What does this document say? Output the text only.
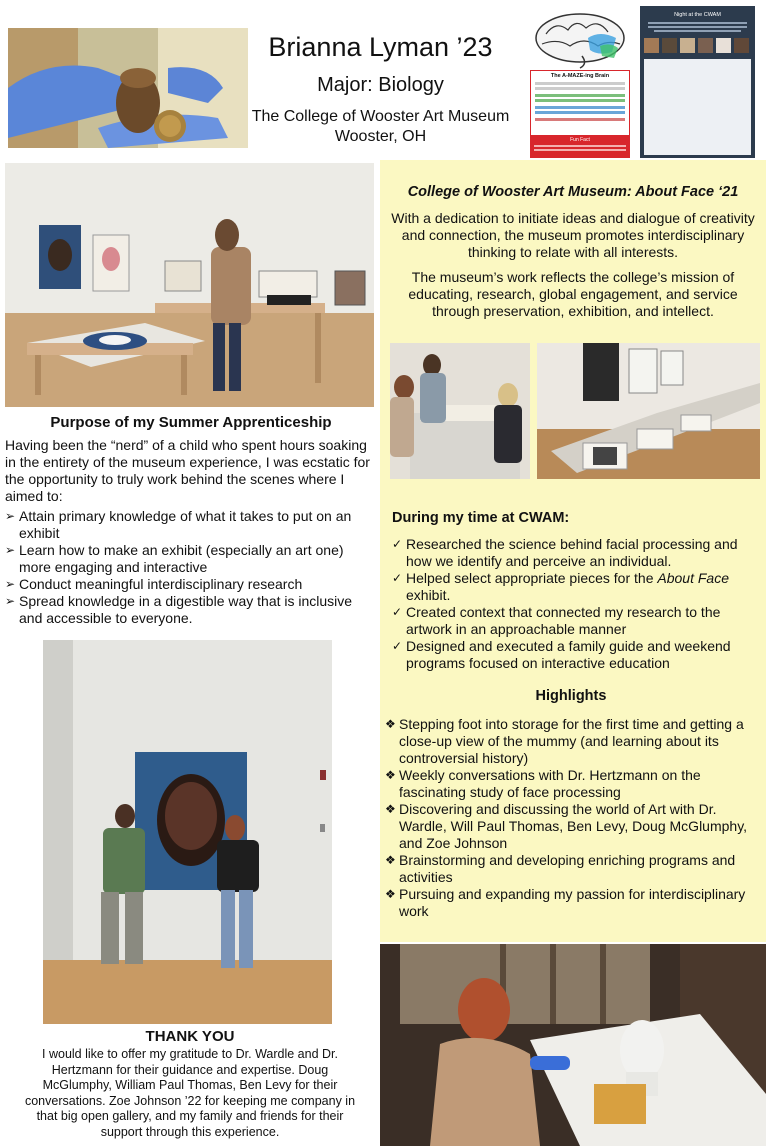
Brianna Lyman ’23
Major: Biology
The College of Wooster Art Museum
Wooster, OH
The A-MAZE-ing Brain
Fun Fact
Night at the CWAM
Purpose of my Summer Apprenticeship
Having been the “nerd” of a child who spent hours soaking in the entirety of the museum experience, I was ecstatic for the opportunity to truly work behind the scenes where I aimed to:
➢ Attain primary knowledge of what it takes to put on an exhibit
➢ Learn how to make an exhibit (especially an art one) more engaging and interactive
➢ Conduct meaningful interdisciplinary research
➢ Spread knowledge in a digestible way that is inclusive and accessible to everyone.
THANK YOU
I would like to offer my gratitude to Dr. Wardle and Dr. Hertzmann for their guidance and expertise. Doug McGlumphy, William Paul Thomas, Ben Levy for their conversations. Zoe Johnson ’22 for keeping me company in that big open gallery, and my family and friends for their support through this experience.
College of Wooster Art Museum: About Face ‘21
With a dedication to initiate ideas and dialogue of creativity and connection, the museum promotes interdisciplinary thinking to relate with all interests.
The museum’s work reflects the college’s mission of educating, research, global engagement, and service through preservation, exhibition, and intellect.
During my time at CWAM:
✓ Researched the science behind facial processing and how we identify and perceive an individual.
✓ Helped select appropriate pieces for the About Face exhibit.
✓ Created context that connected my research to the artwork in an approachable manner
✓ Designed and executed a family guide and weekend programs focused on interactive education
Highlights
❖ Stepping foot into storage for the first time and getting a close-up view of the mummy (and learning about its controversial history)
❖ Weekly conversations with Dr. Hertzmann on the fascinating study of face processing
❖ Discovering and discussing the world of Art with Dr. Wardle, Will Paul Thomas, Ben Levy, Doug McGlumphy, and Zoe Johnson
❖ Brainstorming and developing enriching programs and activities
❖ Pursuing and expanding my passion for interdisciplinary work
